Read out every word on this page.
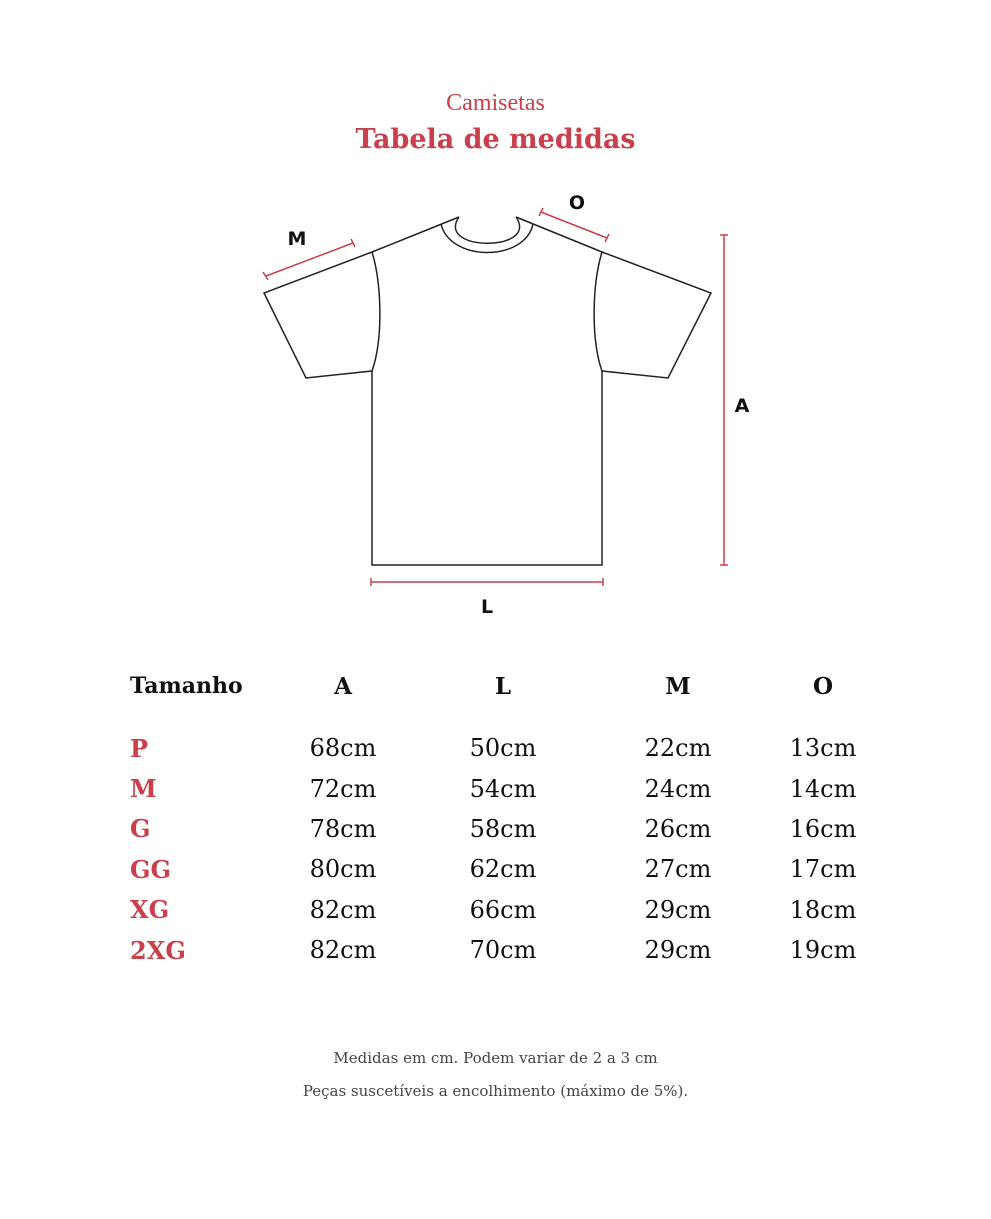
Camisetas
Tabela de medidas
M
O
A
L
Tamanho	A	L	M	O

P	68cm	50cm	22cm	13cm
M	72cm	54cm	24cm	14cm
G	78cm	58cm	26cm	16cm
GG	80cm	62cm	27cm	17cm
XG	82cm	66cm	29cm	18cm
2XG	82cm	70cm	29cm	19cm
Medidas em cm. Podem variar de 2 a 3 cm
Peças suscetíveis a encolhimento (máximo de 5%).
